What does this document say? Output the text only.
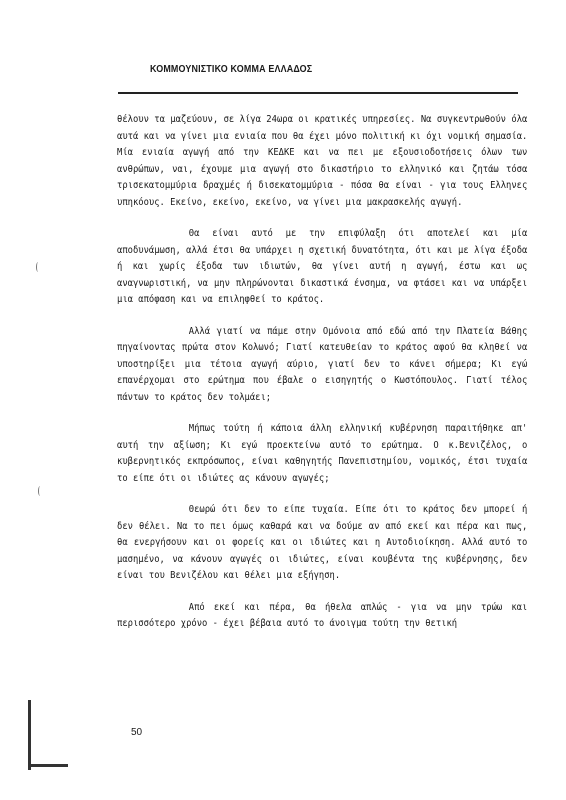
ΚΟΜΜΟΥΝΙΣΤΙΚΟ ΚΟΜΜΑ ΕΛΛΑΔΟΣ

θέλουν τα μαζεύουν, σε λίγα 24ωρα οι κρατικές υπηρεσίες. Να συγκεντρωθούν όλα αυτά και να γίνει μια ενιαία που θα έχει μόνο πολιτική κι όχι νομική σημασία. Μία ενιαία αγωγή από την ΚΕΔΚΕ και να πει με εξουσιοδοτήσεις όλων των ανθρώπων, ναι, έχουμε μια αγωγή στο δικαστήριο το ελληνικό και ζητάω τόσα τρισεκατομμύρια δραχμές ή δισεκατομμύρια - πόσα θα είναι - για τους Ελληνες υπηκόους. Εκείνο, εκείνο, εκείνο, να γίνει μια μακρασκελής αγωγή.

Θα είναι αυτό με την επιφύλαξη ότι αποτελεί και μία αποδυνάμωση, αλλά έτσι θα υπάρχει η σχετική δυνατότητα, ότι και με λίγα έξοδα ή και χωρίς έξοδα των ιδιωτών, θα γίνει αυτή η αγωγή, έστω και ως αναγνωριστική, να μην πληρώνονται δικαστικά ένσημα, να φτάσει και να υπάρξει μια απόφαση και να επιληφθεί το κράτος.

Αλλά γιατί να πάμε στην Ομόνοια από εδώ από την Πλατεία Βάθης πηγαίνοντας πρώτα στον Κολωνό; Γιατί κατευθείαν το κράτος αφού θα κληθεί να υποστηρίξει μια τέτοια αγωγή αύριο, γιατί δεν το κάνει σήμερα; Κι εγώ επανέρχομαι στο ερώτημα που έβαλε ο εισηγητής ο Κωστόπουλος. Γιατί τέλος πάντων το κράτος δεν τολμάει;

Μήπως τούτη ή κάποια άλλη ελληνική κυβέρνηση παραιτήθηκε απ' αυτή την αξίωση; Κι εγώ προεκτείνω αυτό το ερώτημα. Ο κ.Βενιζέλος, ο κυβερνητικός εκπρόσωπος, είναι καθηγητής Πανεπιστημίου, νομικός, έτσι τυχαία το είπε ότι οι ιδιώτες ας κάνουν αγωγές;

Θεωρώ ότι δεν το είπε τυχαία. Είπε ότι το κράτος δεν μπορεί ή δεν θέλει. Να το πει όμως καθαρά και να δούμε αν από εκεί και πέρα και πως, θα ενεργήσουν και οι φορείς και οι ιδιώτες και η Αυτοδιοίκηση. Αλλά αυτό το μασημένο, να κάνουν αγωγές οι ιδιώτες, είναι κουβέντα της κυβέρνησης, δεν είναι του Βενιζέλου και θέλει μια εξήγηση.

Από εκεί και πέρα, θα ήθελα απλώς - για να μην τρώω και περισσότερο χρόνο - έχει βέβαια αυτό το άνοιγμα τούτη την θετική

50
